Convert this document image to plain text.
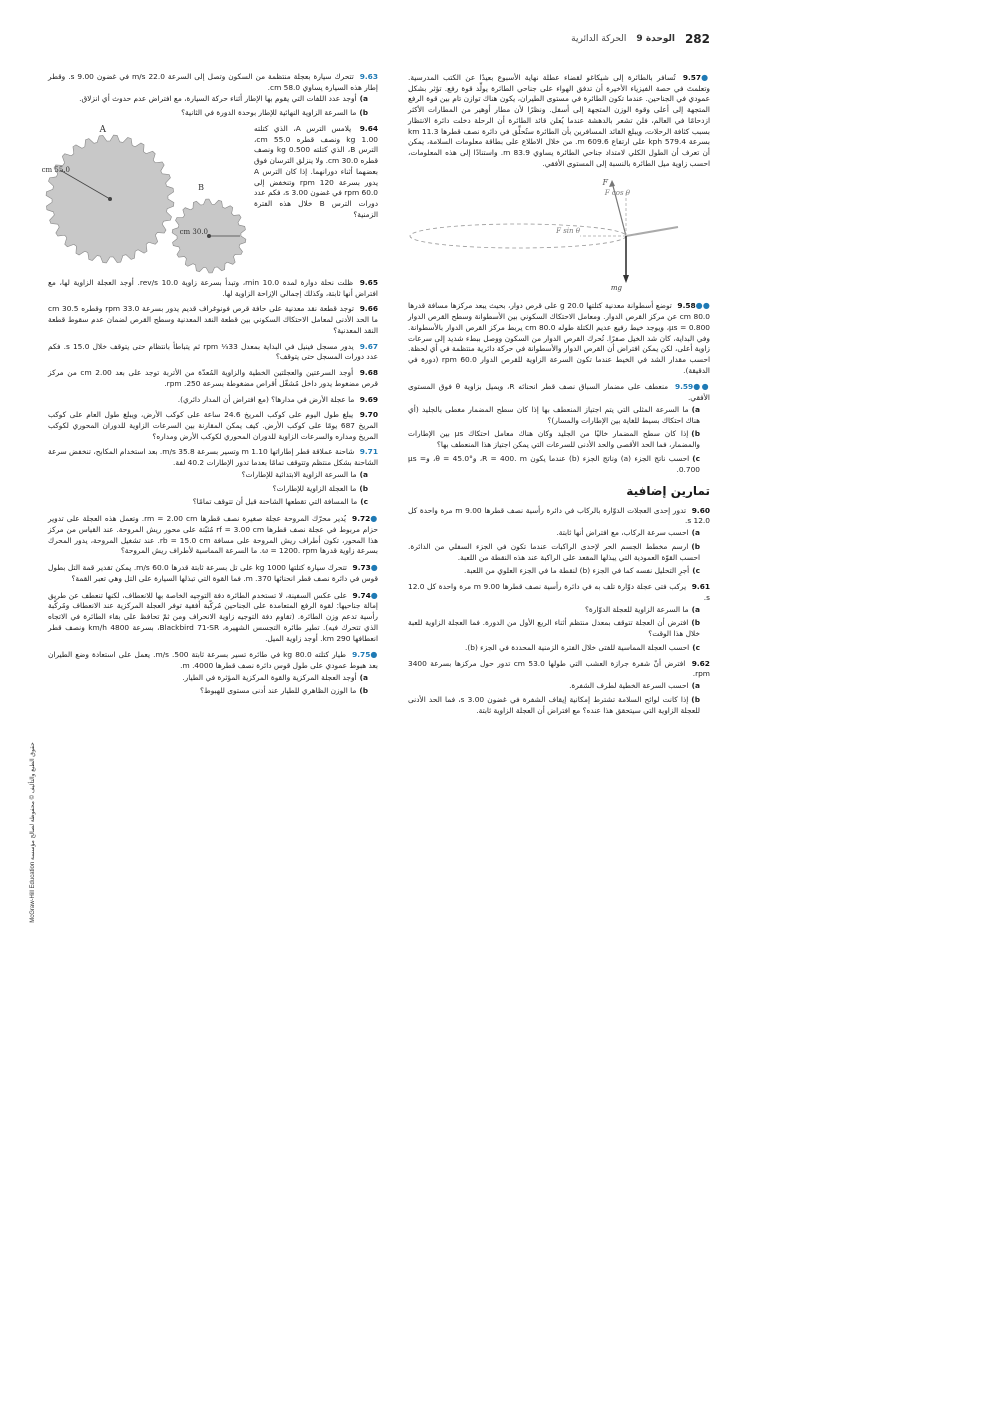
282
الوحدة 9
الحركة الدائرية
حقوق الطبع والتأليف © محفوظة لصالح مؤسسة McGraw-Hill Education
●9.57 تُسافر بالطائرة إلى شيكاغو لقضاء عطلة نهاية الأسبوع بعيدًا عن الكتب المدرسية. وتعلمتَ في حصة الفيزياء الأخيرة أن تدفق الهواء على جناحي الطائرة يولِّد قوة رفع. تؤثر بشكل عمودي في الجناحين. عندما تكون الطائرة في مستوى الطيران، يكون هناك توازن تام بين قوة الرفع المتجهة إلى أعلى وقوة الوزن المتجهة إلى أسفل. ونظرًا لأن مطار أوهير من المطارات الأكثر ازدحامًا في العالم، فلن تشعر بالدهشة عندما يُعلن قائد الطائرة أن الرحلة دخلت دائرة الانتظار بسبب كثافة الرحلات، ويبلغ القائد المسافرين بأن الطائرة ستُحلِّق في دائرة نصف قطرها 11.3 km بسرعة 579.4 kph على ارتفاع 609.6 m. من خلال الاطلاع على بطاقة معلومات السلامة، يمكن أن تعرف أن الطول الكلي لامتداد جناحي الطائرة يساوي 83.9 m. واستنادًا إلى هذه المعلومات، احسب زاوية ميل الطائرة بالنسبة إلى المستوى الأفقي.
F
F cos θ
F sin θ
mg
●●9.58 توضع أسطوانة معدنية كتلتها 20.0 g على قرص دوار، بحيث يبعد مركزها مسافة قدرها 80.0 cm عن مركز القرص الدوار. ومعامل الاحتكاك السكوني بين الأسطوانة وسطح القرص الدوار μs = 0.800، ويوجد خيط رفيع عديم الكتلة طوله 80.0 cm يربط مركز القرص الدوار بالأسطوانة. وفي البداية، كان شد الخيل صفرًا. تُحرك القرص الدوار من السكون ووصل ببطء شديد إلى سرعات زاوية أعلى، لكن يمكن افتراض أن القرص الدوار والأسطوانة في حركة دائرية منتظمة في أي لحظة. احسب مقدار الشد في الخيط عندما تكون السرعة الزاوية للقرص الدوار 60.0 rpm (دورة في الدقيقة).
●●9.59 منعطف على مضمار السباق نصف قطر انحنائه R، ويميل بزاوية θ فوق المستوى الأفقي.
a)ما السرعة المثلى التي يتم اجتياز المنعطف بها إذا كان سطح المضمار مغطى بالجليد (أي هناك احتكاك بسيط للغاية بين الإطارات والمسار)؟
b)إذا كان سطح المضمار خاليًا من الجليد وكان هناك معامل احتكاك μs بين الإطارات والمضمار، فما الحد الأقصى والحد الأدنى للسرعات التي يمكن اجتياز هذا المنعطف بها؟
c)احسب ناتج الجزء (a) وناتج الجزء (b) عندما يكون R = 400. m، وθ = 45.0°، وμs = 0.700.
تمارين إضافية
9.60 تدور إحدى العجلات الدوّارة بالركاب في دائرة رأسية نصف قطرها 9.00 m مرة واحدة كل 12.0 s.
a)احسب سرعة الركاب، مع افتراض أنها ثابتة.
b)ارسم مخطط الجسم الحر لإحدى الراكبات عندما تكون في الجزء السفلي من الدائرة. احسب القوّة العمودية التي يبذلها المقعد على الراكبة عند هذه النقطة من اللعبة.
c)أجرِ التحليل نفسه كما في الجزء (b) لنقطة ما في الجزء العلوي من اللعبة.
9.61 يركب فتى عجلة دوّارة تلف به في دائرة رأسية نصف قطرها 9.00 m مرة واحدة كل 12.0 s.
a)ما السرعة الزاوية للعجلة الدوّارة؟
b)افترض أن العجلة تتوقف بمعدل منتظم أثناء الربع الأول من الدورة. فما العجلة الزاوية للعبة خلال هذا الوقت؟
c)احسب العجلة المماسية للفتى خلال الفترة الزمنية المحددة في الجزء (b).
9.62 افترض أنّ شفرة جرازة العشب التي طولها 53.0 cm تدور حول مركزها بسرعة 3400 rpm.
a)احسب السرعة الخطية لطرف الشفرة.
b)إذا كانت لوائح السلامة تشترط إمكانية إيقاف الشفرة في غضون 3.00 s، فما الحد الأدنى للعجلة الزاوية التي سيتحقق هذا عنده؟ مع افتراض أن العجلة الزاوية ثابتة.
9.63 تتحرك سيارة بعجلة منتظمة من السكون وتصل إلى السرعة 22.0 m/s في غضون 9.00 s. وقطر إطار هذه السيارة يساوي 58.0 cm.
a)أوجد عدد اللفات التي يقوم بها الإطار أثناء حركة السيارة، مع افتراض عدم حدوث أي انزلاق.
b)ما السرعة الزاوية النهائية للإطار بوحدة الدورة في الثانية؟
9.64 يلامس الترس A، الذي كتلته 1.00 kg ونصف قطره 55.0 cm، الترس B، الذي كتلته 0.500 kg ونصف قطره 30.0 cm. ولا ينزلق الترسان فوق بعضهما أثناء دورانهما. إذا كان الترس A يدور بسرعة 120 rpm وتنخفض إلى 60.0 rpm في غضون 3.00 s، فكم عدد دورات الترس B خلال هذه الفترة الزمنية؟
A
B
55.0 cm
30.0 cm
9.65 ظلت نحلة دوارة لمدة 10.0 min، وتبدأ بسرعة زاوية 10.0 rev/s. أوجد العجلة الزاوية لها، مع افتراض أنها ثابتة، وكذلك إجمالي الإزاحة الزاوية لها.
9.66 توجد قطعة نقد معدنية على حافة قرص فونوغراف قديم يدور بسرعة 33.0 rpm وقطره 30.5 cm ما الحد الأدنى لمعامل الاحتكاك السكوني بين قطعة النقد المعدنية وسطح القرص لضمان عدم سقوط قطعة النقد المعدنية؟
9.67 يدور مسجل فينيل في البداية بمعدل 33⅓ rpm ثم يتباطأ بانتظام حتى يتوقف خلال 15.0 s. فكم عدد دورات المسجل حتى يتوقف؟
9.68 أوجد السرعتين والعجلتين الخطية والزاوية المُعدّة من الأتربة توجد على بعد 2.00 cm من مركز قرص مضغوط يدور داخل مُشغّل أقراص مضغوطة بسرعة 250. rpm.
9.69 ما عجلة الأرض في مدارها؟ (مع افتراض أن المدار دائري).
9.70 يبلغ طول اليوم على كوكب المريخ 24.6 ساعة على كوكب الأرض، ويبلغ طول العام على كوكب المريخ 687 يومًا على كوكب الأرض. كيف يمكن المقارنة بين السرعات الزاوية للدوران المحوري لكوكب المريخ ومداره والسرعات الزاوية للدوران المحوري لكوكب الأرض ومداره؟
9.71 شاحنة عملاقة قطر إطاراتها 1.10 m وتسير بسرعة 35.8 m/s. بعد استخدام المكابح، تنخفض سرعة الشاحنة بشكل منتظم وتتوقف تمامًا بعدما تدور الإطارات 40.2 لفة.
a)ما السرعة الزاوية الابتدائية للإطارات؟
b)ما العجلة الزاوية للإطارات؟
c)ما المسافة التي تقطعها الشاحنة قبل أن تتوقف تمامًا؟
●9.72 يُدير محرّك المروحة عجلة صغيرة نصف قطرها rm = 2.00 cm. وتعمل هذه العجلة على تدوير حزام مربوط في عجلة نصف قطرها rf = 3.00 cm مُثبّتة على محور ريش المروحة. عند القياس من مركز هذا المحور، تكون أطراف ريش المروحة على مسافة rb = 15.0 cm. عند تشغيل المروحة، يدور المحرك بسرعة زاوية قدرها ω = 1200. rpm. ما السرعة المماسية لأطراف ريش المروحة؟
●9.73 تتحرك سيارة كتلتها 1000 kg على تل بسرعة ثابتة قدرها 60.0 m/s. يمكن تقدير قمة التل بطول قوس في دائرة نصف قطر انحنائها 370. m. فما القوة التي تبذلها السيارة على التل وهي تعبر القمة؟
●9.74 على عكس السفينة، لا تستخدم الطائرة دفة التوجيه الخاصة بها للانعطاف، لكنها تنعطف عن طريق إمالة جناحيها: لقوة الرفع المتعامدة على الجناحين مُركّبة أفقية توفر العجلة المركزية عند الانعطاف ومُركّبة رأسية تدعم وزن الطائرة. (تقاوم دفة التوجيه زاوية الانحراف ومن ثمّ تحافظ على بقاء الطائرة في الاتجاه الذي تتحرك فيه). تطير طائرة التجسس الشهيرة، Blackbird 71-SR، بسرعة 4800 km/h ونصف قطر انعطافها 290 km. أوجد زاوية الميل.
●9.75 طيار كتلته 80.0 kg في طائرة تسير بسرعة ثابتة 500. m/s. يعمل على استعادة وضع الطيران بعد هبوط عمودي على طول قوس دائرة نصف قطرها 4000. m.
a)أوجد العجلة المركزية والقوة المركزية المؤثرة في الطيار.
b)ما الوزن الظاهري للطيار عند أدنى مستوى للهبوط؟
